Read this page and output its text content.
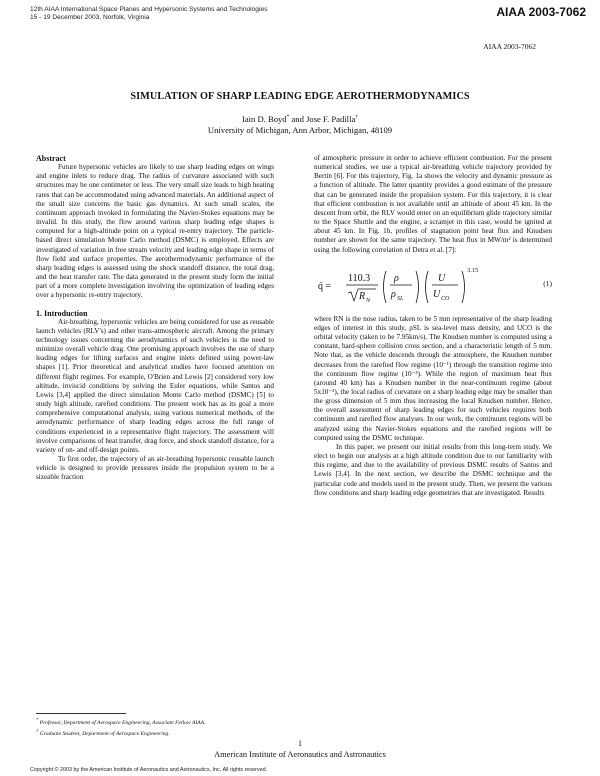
12th AIAA International Space Planes and Hypersonic Systems and Technologies
15 - 19 December 2003, Norfolk, Virginia	AIAA 2003-7062
AIAA 2003-7062
SIMULATION OF SHARP LEADING EDGE AEROTHERMODYNAMICS
Iain D. Boyd* and Jose F. Padilla†
University of Michigan, Ann Arbor, Michigan, 48109

Abstract

Future hypersonic vehicles are likely to use sharp leading edges on wings and engine inlets to reduce drag. The radius of curvature associated with such structures may be one centimeter or less. The very small size leads to high heating rates that can be accommodated using advanced materials. An additional aspect of the small size concerns the basic gas dynamics. At such small scales, the continuum approach invoked in formulating the Navier-Stokes equations may be invalid. In this study, the flow around various sharp leading edge shapes is computed for a high-altitude point on a typical re-entry trajectory. The particle-based direct simulation Monte Carlo method (DSMC) is employed. Effects are investigated of variation in free stream velocity and leading edge shape in terms of flow field and surface properties. The aerothermodynamic performance of the sharp leading edges is assessed using the shock standoff distance, the total drag, and the heat transfer rate. The data generated in the present study form the initial part of a more complete investigation involving the optimization of leading edges over a hypersonic re-entry trajectory.

1. Introduction

Air-breathing, hypersonic vehicles are being considered for use as reusable launch vehicles (RLV's) and other trans-atmospheric aircraft. Among the primary technology issues concerning the aerodynamics of such vehicles is the need to minimize overall vehicle drag. One promising approach involves the use of sharp leading edges for lifting surfaces and engine inlets defined using power-law shapes [1]. Prior theoretical and analytical studies have focused attention on different flight regimes. For example, O'Brien and Lewis [2] considered very low altitude, inviscid conditions by solving the Euler equations, while Santos and Lewis [3,4] applied the direct simulation Monte Carlo method (DSMC) [5] to study high altitude, rarefied conditions. The present work has as its goal a more comprehensive computational analysis, using various numerical methods, of the aerodynamic performance of sharp leading edges across the full range of conditions experienced in a representative flight trajectory. The assessment will involve comparisons of heat transfer, drag force, and shock standoff distance, for a variety of on- and off-design points.

To first order, the trajectory of an air-breathing hypersonic reusable launch vehicle is designed to provide pressures inside the propulsion system to be a sizeable fraction

of atmospheric pressure in order to achieve efficient combustion. For the present numerical studies, we use a typical air-breathing vehicle trajectory provided by Bertin [6]. For this trajectory, Fig. 1a shows the velocity and dynamic pressure as a function of altitude. The latter quantity provides a good estimate of the pressure that can be generated inside the propulsion system. For this trajectory, it is clear that efficient combustion is not available until an altitude of about 45 km. In the descent from orbit, the RLV would enter on an equilibrium glide trajectory similar to the Space Shuttle and the engine, a scramjet in this case, would be ignited at about 45 km. In Fig. 1b, profiles of stagnation point heat flux and Knudsen number are shown for the same trajectory. The heat flux in MW/m² is determined using the following correlation of Detra et al. [7]:

q̇ =
110.3
R N
ρ
ρ SL
U
U CO
3.15
(1)

where RN is the nose radius, taken to be 5 mm representative of the sharp leading edges of interest in this study, ρSL is sea-level mass density, and UCO is the orbital velocity (taken to be 7.95km/s). The Knudsen number is computed using a constant, hard-sphere collision cross section, and a characteristic length of 5 mm. Note that, as the vehicle descends through the atmosphere, the Knudsen number decreases from the rarefied flow regime (10⁻¹) through the transition regime into the continuum flow regime (10⁻³). While the region of maximum heat flux (around 40 km) has a Knudsen number in the near-continuum regime (about 5x10⁻³), the local radius of curvature on a sharp leading edge may be smaller than the gross dimension of 5 mm thus increasing the local Knudsen number. Hence, the overall assessment of sharp leading edges for such vehicles requires both continuum and rarefied flow analyses. In our work, the continuum regions will be analyzed using the Navier-Stokes equations and the rarefied regions will be computed using the DSMC technique.

In this paper, we present our initial results from this long-term study. We elect to begin our analysis at a high altitude condition due to our familiarity with this regime, and due to the availability of previous DSMC results of Santos and Lewis [3,4]. In the next section, we describe the DSMC technique and the particular code and models used in the present study. Then, we present the various flow conditions and sharp leading edge geometries that are investigated. Results

* Professor, Department of Aerospace Engineering, Associate Fellow AIAA.
† Graduate Student, Department of Aerospace Engineering.
1
American Institute of Aeronautics and Astronautics
Copyright © 2003 by the American Institute of Aeronautics and Astronautics, Inc. All rights reserved.
